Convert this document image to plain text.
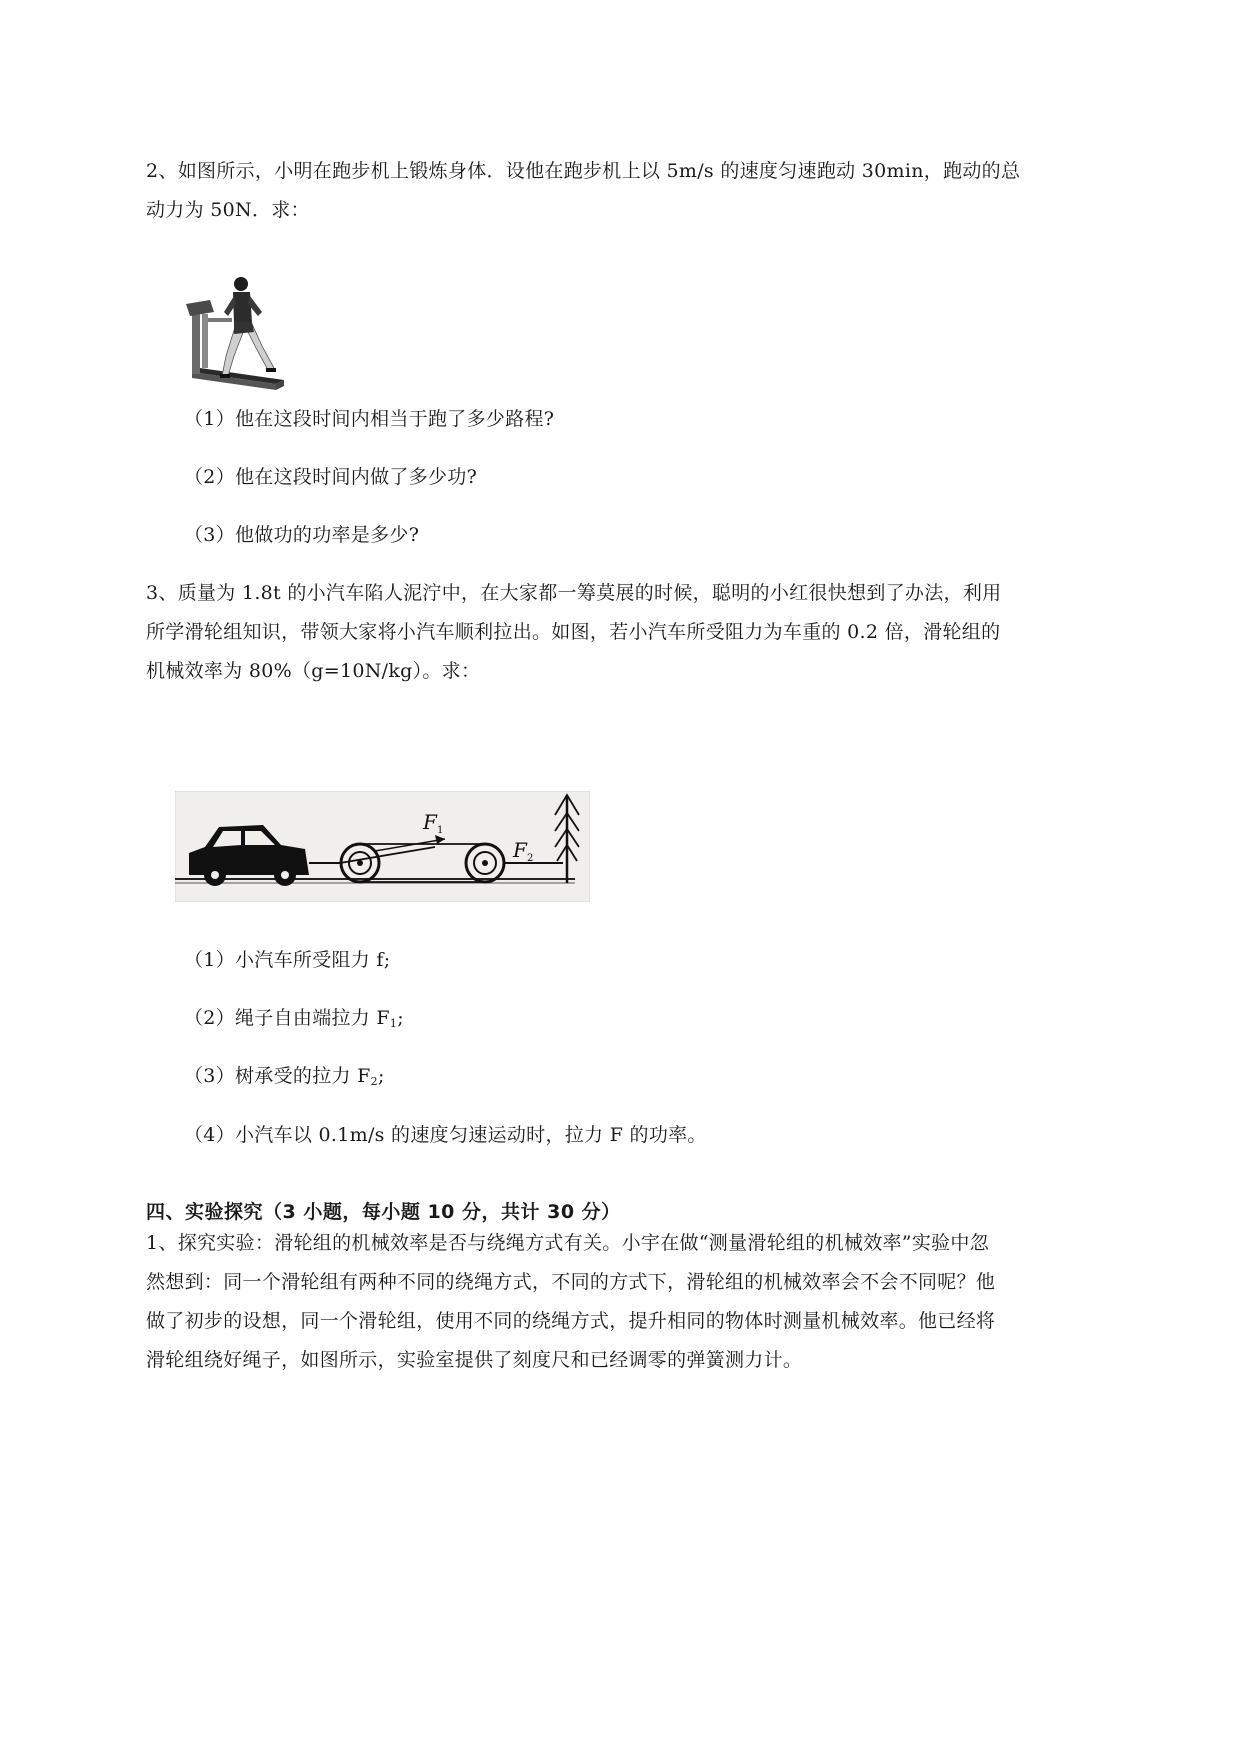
2、如图所示，小明在跑步机上锻炼身体．设他在跑步机上以 5m/s 的速度匀速跑动 30min，跑动的总

动力为 50N．求：

（1）他在这段时间内相当于跑了多少路程?

（2）他在这段时间内做了多少功?

（3）他做功的功率是多少?

3、质量为 1.8t 的小汽车陷人泥泞中，在大家都一筹莫展的时候，聪明的小红很快想到了办法，利用

所学滑轮组知识，带领大家将小汽车顺利拉出。如图，若小汽车所受阻力为车重的 0.2 倍，滑轮组的

机械效率为 80%（g=10N/kg）。求：

F 1
F 2

（1）小汽车所受阻力 f;

（2）绳子自由端拉力 $F_1$;

（3）树承受的拉力 $F_2$;

（4）小汽车以 0.1m/s 的速度匀速运动时，拉力 F 的功率。

四、实验探究（3 小题，每小题 10 分，共计 30 分）

1、探究实验：滑轮组的机械效率是否与绕绳方式有关。小宇在做“测量滑轮组的机械效率”实验中忽

然想到：同一个滑轮组有两种不同的绕绳方式，不同的方式下，滑轮组的机械效率会不会不同呢？他

做了初步的设想，同一个滑轮组，使用不同的绕绳方式，提升相同的物体时测量机械效率。他已经将

滑轮组绕好绳子，如图所示，实验室提供了刻度尺和已经调零的弹簧测力计。
